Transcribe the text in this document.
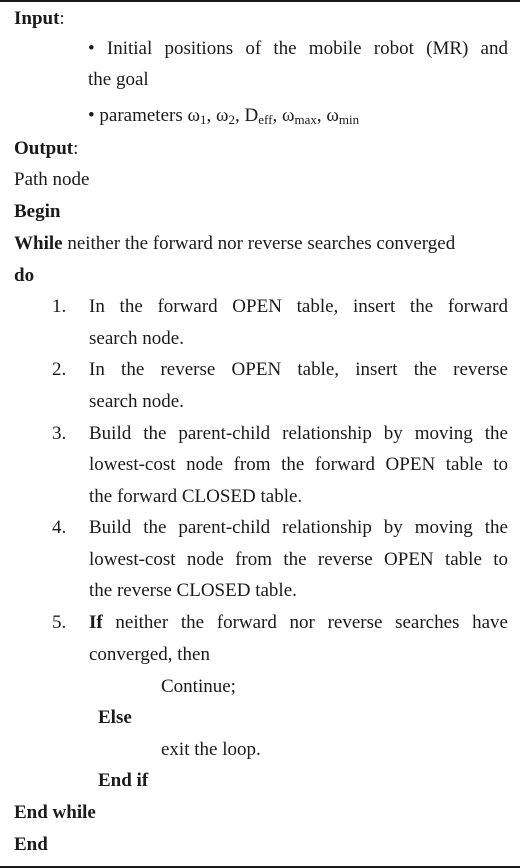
Input:
• Initial positions of the mobile robot (MR) and
the goal
• parameters $\omega_1$, $\omega_2$, $D_{eff}$, $\omega_{max}$, $\omega_{min}$
Output:
Path node
Begin
While neither the forward nor reverse searches converged
do
1. In the forward OPEN table, insert the forward
search node.
2. In the reverse OPEN table, insert the reverse
search node.
3. Build the parent-child relationship by moving the
lowest-cost node from the forward OPEN table to
the forward CLOSED table.
4. Build the parent-child relationship by moving the
lowest-cost node from the reverse OPEN table to
the reverse CLOSED table.
5. If neither the forward nor reverse searches have
converged, then
Continue;
Else
exit the loop.
End if
End while
End
